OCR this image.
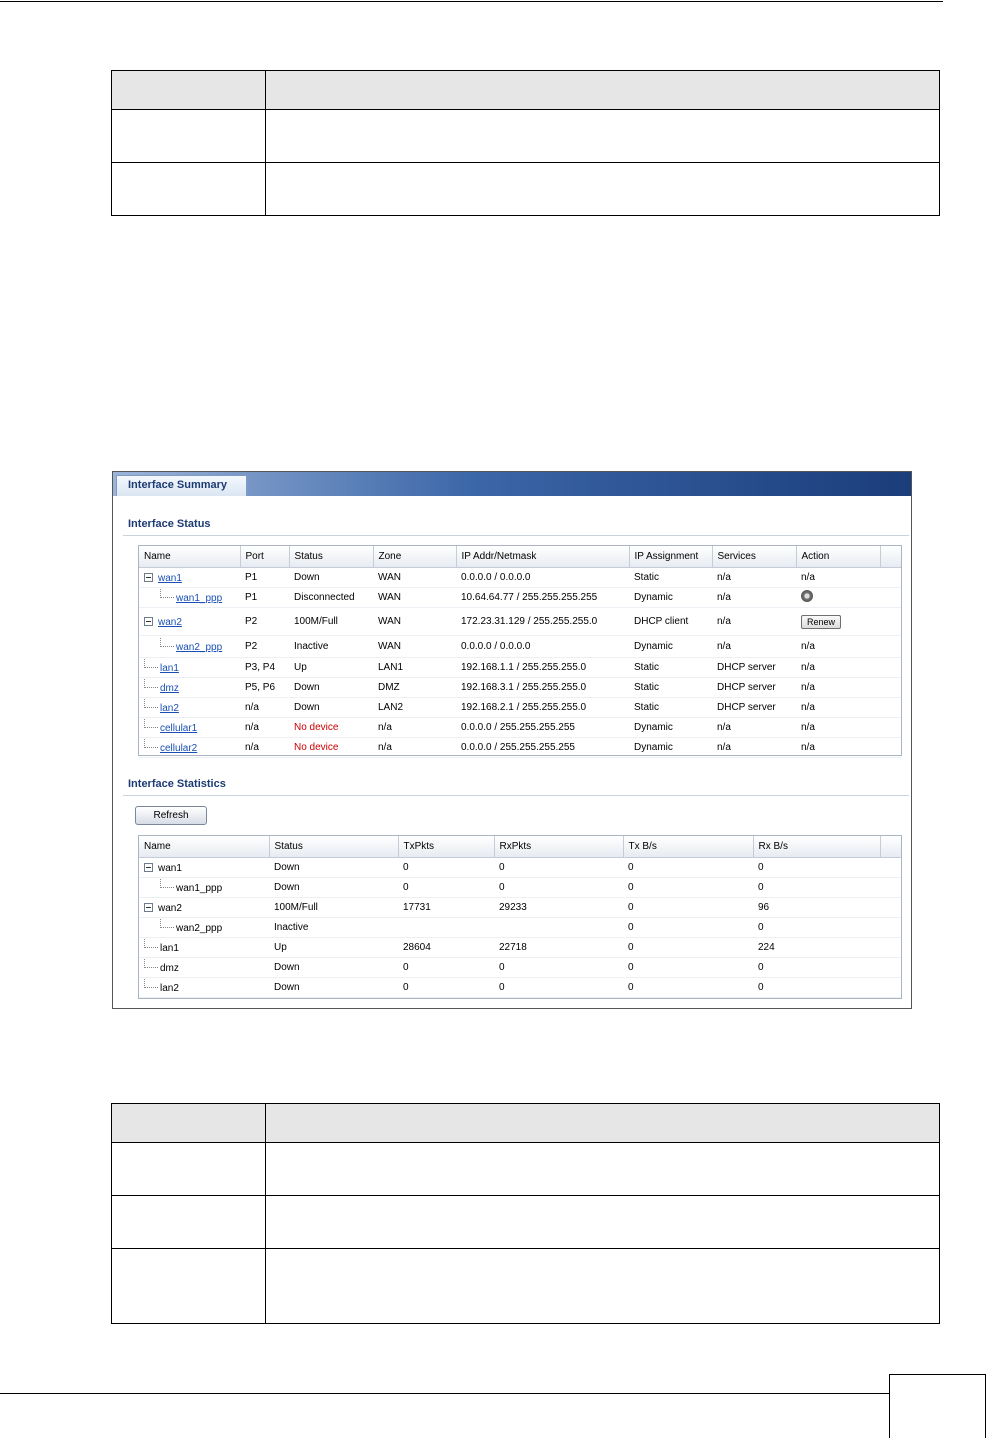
Interface Summary
Interface Status
Name	Port	Status	Zone	IP Addr/Netmask	IP Assignment	Services	Action	
wan1	P1	Down	WAN	0.0.0.0 / 0.0.0.0	Static	n/a	n/a	
wan1_ppp	P1	Disconnected	WAN	10.64.64.77 / 255.255.255.255	Dynamic	n/a		
wan2	P2	100M/Full	WAN	172.23.31.129 / 255.255.255.0	DHCP client	n/a	Renew	
wan2_ppp	P2	Inactive	WAN	0.0.0.0 / 0.0.0.0	Dynamic	n/a	n/a	
lan1	P3, P4	Up	LAN1	192.168.1.1 / 255.255.255.0	Static	DHCP server	n/a	
dmz	P5, P6	Down	DMZ	192.168.3.1 / 255.255.255.0	Static	DHCP server	n/a	
lan2	n/a	Down	LAN2	192.168.2.1 / 255.255.255.0	Static	DHCP server	n/a	
cellular1	n/a	No device	n/a	0.0.0.0 / 255.255.255.255	Dynamic	n/a	n/a	
cellular2	n/a	No device	n/a	0.0.0.0 / 255.255.255.255	Dynamic	n/a	n/a	
Interface Statistics
Refresh
Name	Status	TxPkts	RxPkts	Tx B/s	Rx B/s	
wan1	Down	0	0	0	0	
wan1_ppp	Down	0	0	0	0	
wan2	100M/Full	17731	29233	0	96	
wan2_ppp	Inactive			0	0	
lan1	Up	28604	22718	0	224	
dmz	Down	0	0	0	0	
lan2	Down	0	0	0	0	
